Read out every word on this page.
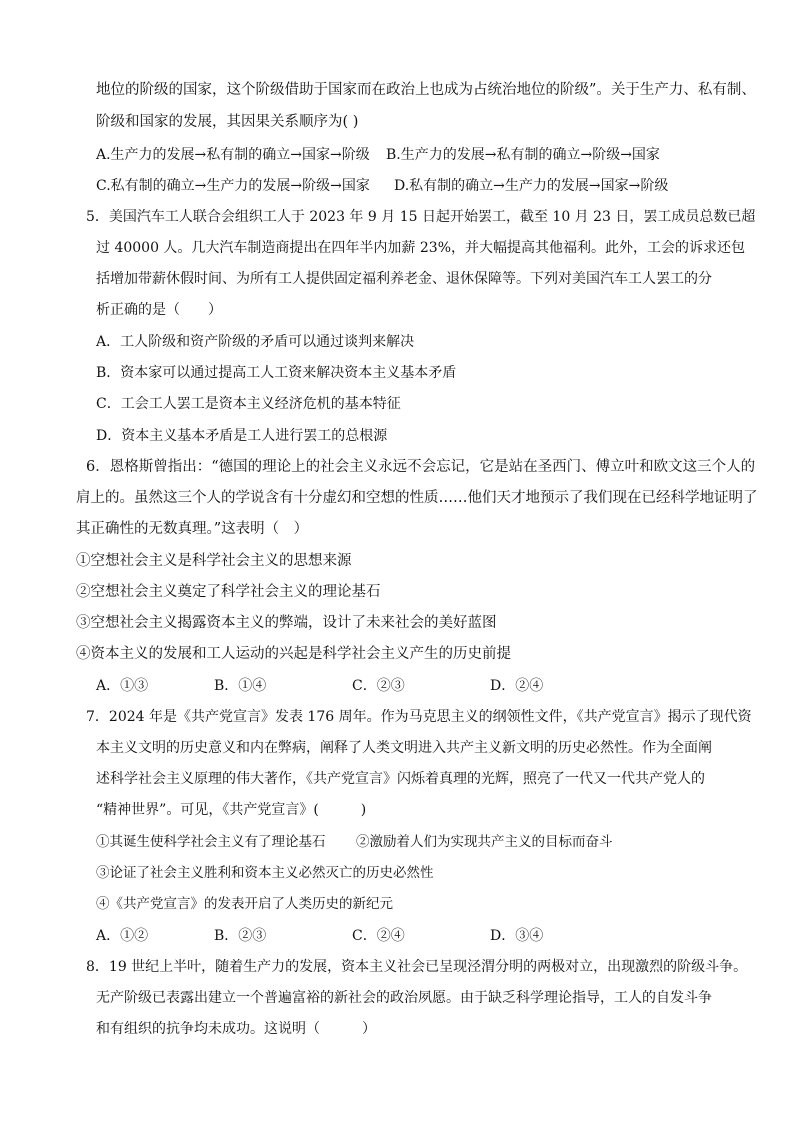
地位的阶级的国家，这个阶级借助于国家而在政治上也成为占统治地位的阶级”。关于生产力、私有制、
阶级和国家的发展，其因果关系顺序为( )
A.生产力的发展→私有制的确立→国家→阶级 B.生产力的发展→私有制的确立→阶级→国家
C.私有制的确立→生产力的发展→阶级→国家 D.私有制的确立→生产力的发展→国家→阶级
5．美国汽车工人联合会组织工人于 2023 年 9 月 15 日起开始罢工，截至 10 月 23 日，罢工成员总数已超
过 40000 人。几大汽车制造商提出在四年半内加薪 23%，并大幅提高其他福利。此外，工会的诉求还包
括增加带薪休假时间、为所有工人提供固定福利养老金、退休保障等。下列对美国汽车工人罢工的分
析正确的是（　　）
A．工人阶级和资产阶级的矛盾可以通过谈判来解决
B．资本家可以通过提高工人工资来解决资本主义基本矛盾
C．工会工人罢工是资本主义经济危机的基本特征
D．资本主义基本矛盾是工人进行罢工的总根源
6．恩格斯曾指出：“德国的理论上的社会主义永远不会忘记，它是站在圣西门、傅立叶和欧文这三个人的
肩上的。虽然这三个人的学说含有十分虚幻和空想的性质……他们天才地预示了我们现在已经科学地证明了
其正确性的无数真理。”这表明（　）
①空想社会主义是科学社会主义的思想来源
②空想社会主义奠定了科学社会主义的理论基石
③空想社会主义揭露资本主义的弊端，设计了未来社会的美好蓝图
④资本主义的发展和工人运动的兴起是科学社会主义产生的历史前提
A．①③	B．①④	C．②③	D．②④
7．2024 年是《共产党宣言》发表 176 周年。作为马克思主义的纲领性文件，《共产党宣言》揭示了现代资
本主义文明的历史意义和内在弊病，阐释了人类文明进入共产主义新文明的历史必然性。作为全面阐
述科学社会主义原理的伟大著作，《共产党宣言》闪烁着真理的光辉，照亮了一代又一代共产党人的
“精神世界”。可见，《共产党宣言》(　　　)
①其诞生使科学社会主义有了理论基石 ②激励着人们为实现共产主义的目标而奋斗
③论证了社会主义胜利和资本主义必然灭亡的历史必然性
④《共产党宣言》的发表开启了人类历史的新纪元
A．①②	B．②③	C．②④	D．③④
8．19 世纪上半叶，随着生产力的发展，资本主义社会已呈现泾渭分明的两极对立，出现激烈的阶级斗争。
无产阶级已表露出建立一个普遍富裕的新社会的政治夙愿。由于缺乏科学理论指导，工人的自发斗争
和有组织的抗争均未成功。这说明（　　　）
